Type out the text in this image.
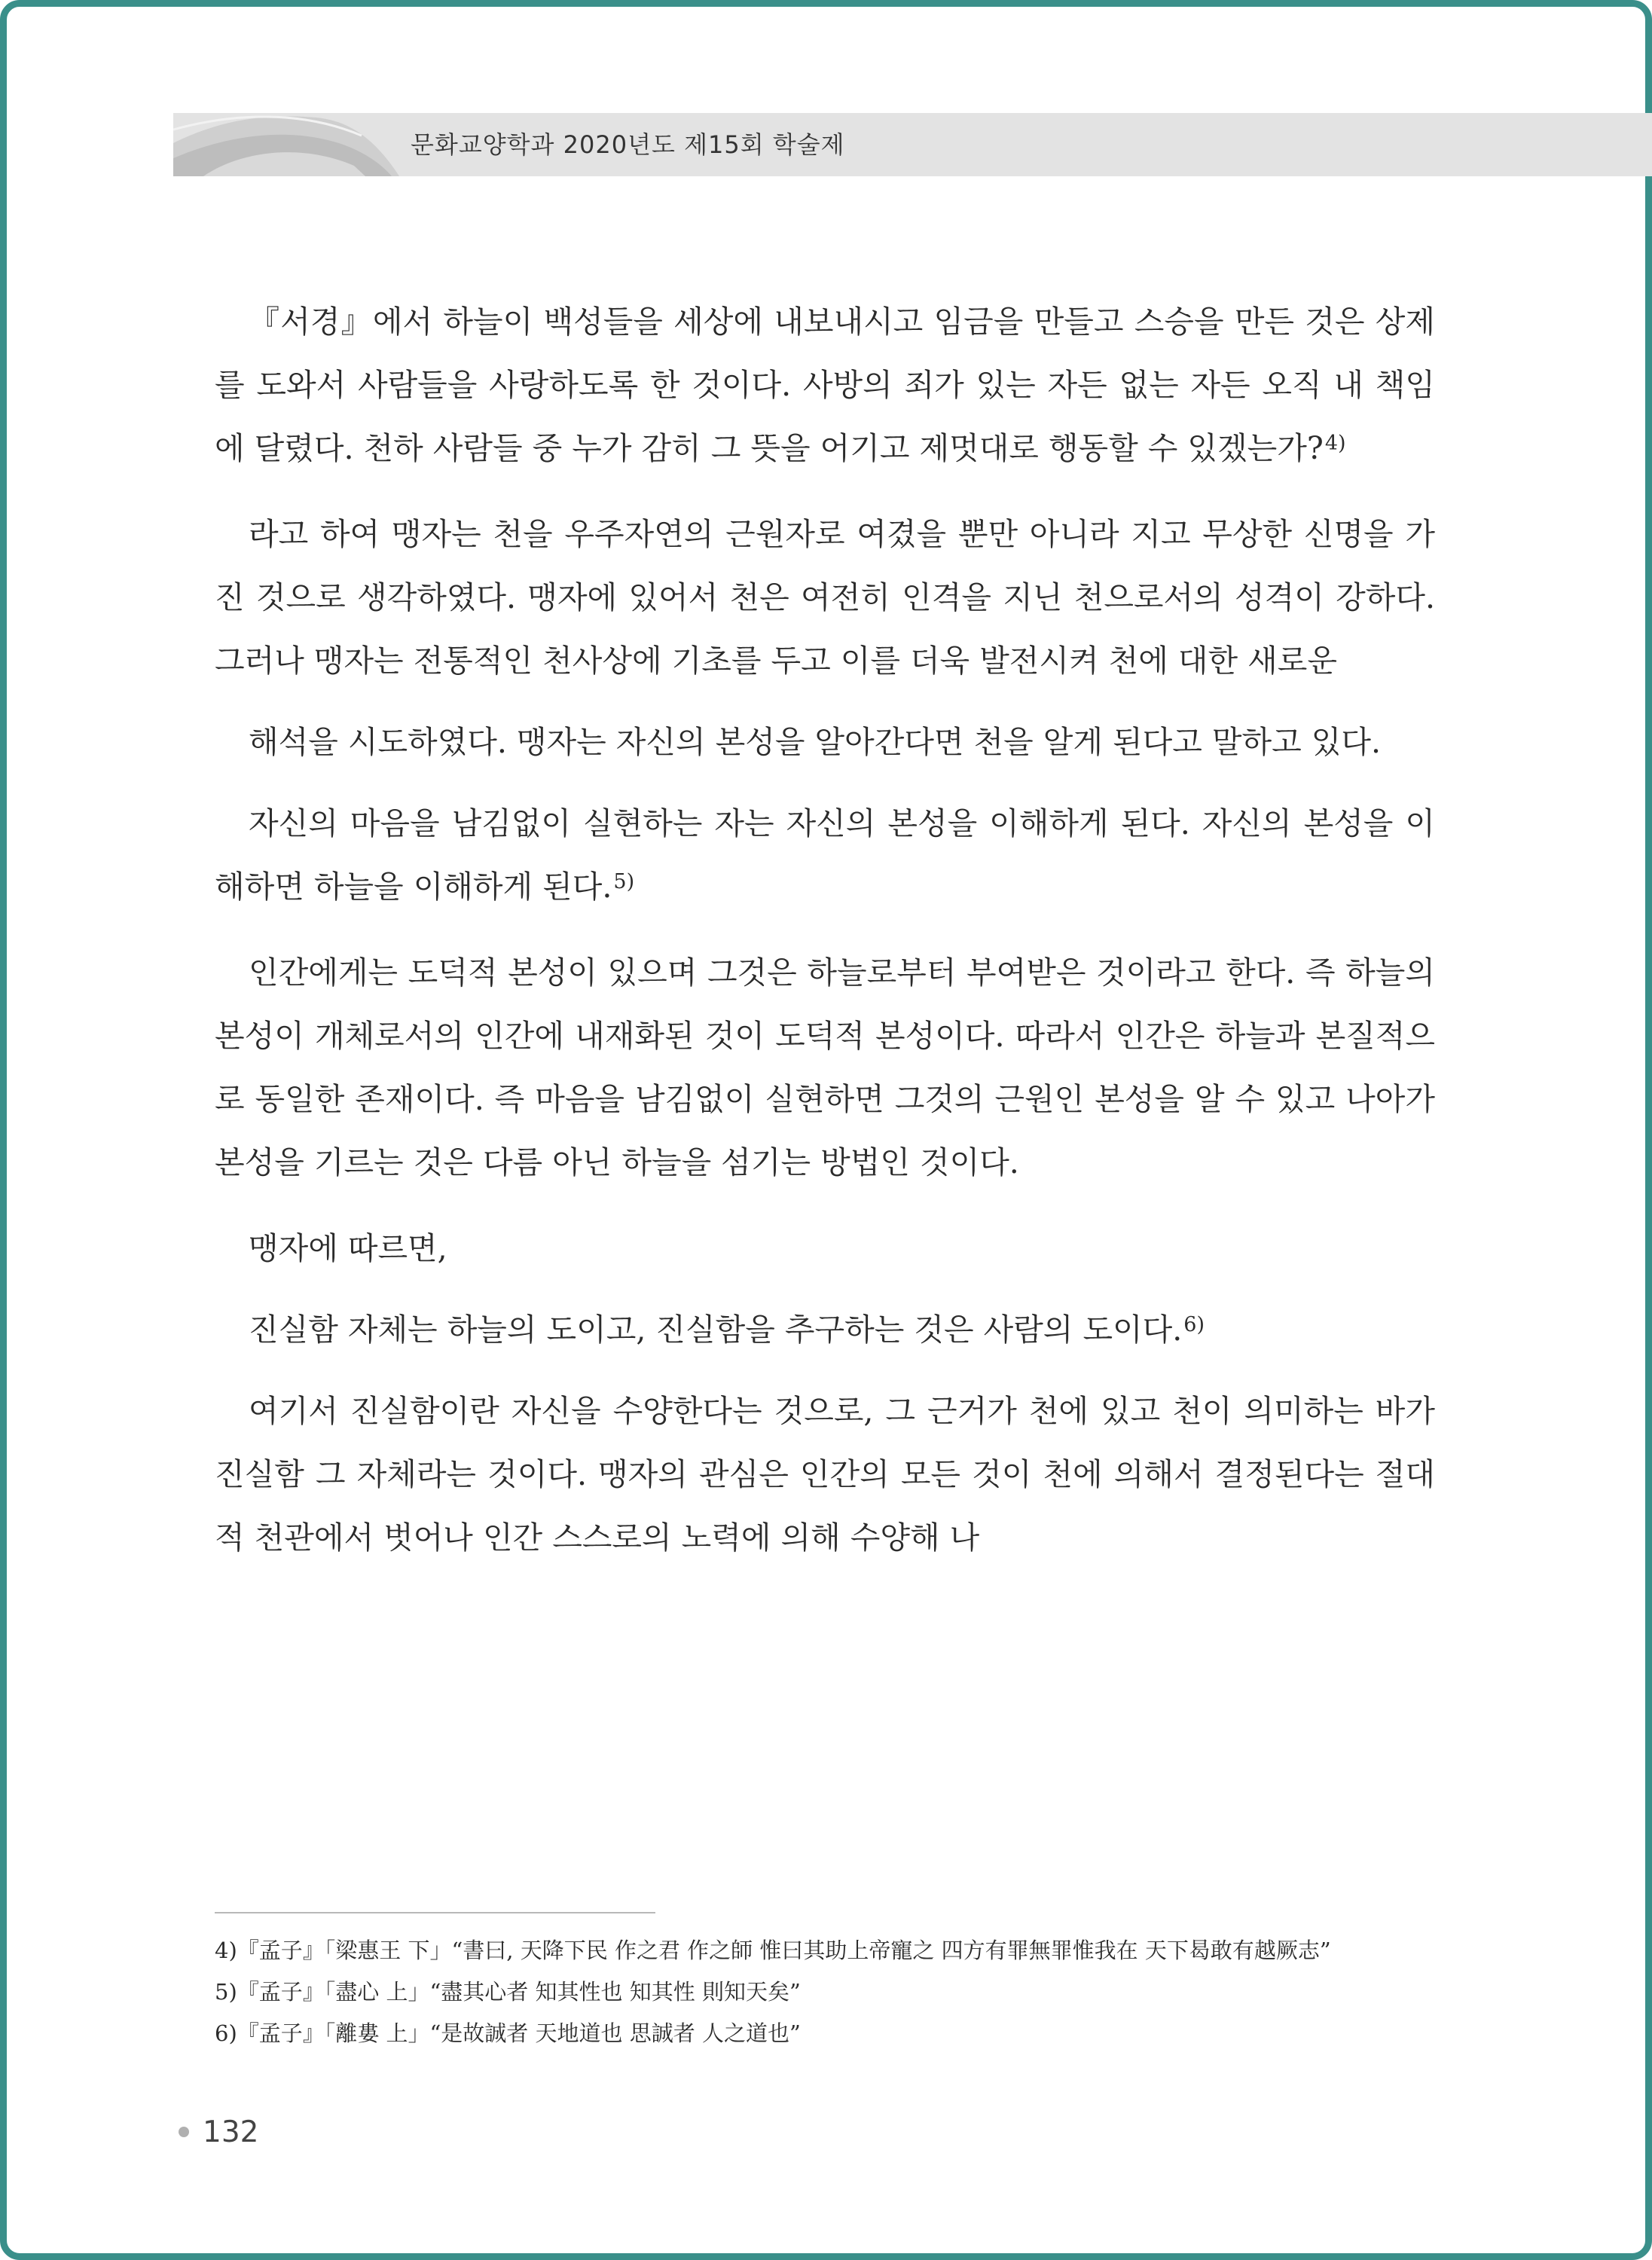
문화교양학과 2020년도 제15회 학술제

『서경』에서 하늘이 백성들을 세상에 내보내시고 임금을 만들고 스승을 만든 것은 상제를 도와서 사람들을 사랑하도록 한 것이다. 사방의 죄가 있는 자든 없는 자든 오직 내 책임에 달렸다. 천하 사람들 중 누가 감히 그 뜻을 어기고 제멋대로 행동할 수 있겠는가?$^{4)}$

라고 하여 맹자는 천을 우주자연의 근원자로 여겼을 뿐만 아니라 지고 무상한 신명을 가진 것으로 생각하였다. 맹자에 있어서 천은 여전히 인격을 지닌 천으로서의 성격이 강하다. 그러나 맹자는 전통적인 천사상에 기초를 두고 이를 더욱 발전시켜 천에 대한 새로운

해석을 시도하였다. 맹자는 자신의 본성을 알아간다면 천을 알게 된다고 말하고 있다.

자신의 마음을 남김없이 실현하는 자는 자신의 본성을 이해하게 된다. 자신의 본성을 이해하면 하늘을 이해하게 된다.$^{5)}$

인간에게는 도덕적 본성이 있으며 그것은 하늘로부터 부여받은 것이라고 한다. 즉 하늘의 본성이 개체로서의 인간에 내재화된 것이 도덕적 본성이다. 따라서 인간은 하늘과 본질적으로 동일한 존재이다. 즉 마음을 남김없이 실현하면 그것의 근원인 본성을 알 수 있고 나아가 본성을 기르는 것은 다름 아닌 하늘을 섬기는 방법인 것이다.

맹자에 따르면,

진실함 자체는 하늘의 도이고, 진실함을 추구하는 것은 사람의 도이다.$^{6)}$

여기서 진실함이란 자신을 수양한다는 것으로, 그 근거가 천에 있고 천이 의미하는 바가 진실함 그 자체라는 것이다. 맹자의 관심은 인간의 모든 것이 천에 의해서 결정된다는 절대적 천관에서 벗어나 인간 스스로의 노력에 의해 수양해 나

4)『孟子』「梁惠王 下」“書曰, 天降下民 作之君 作之師 惟曰其助上帝寵之 四方有罪無罪惟我在 天下曷敢有越厥志”
5)『孟子』「盡心 上」“盡其心者 知其性也 知其性 則知天矣”
6)『孟子』「離婁 上」“是故誠者 天地道也 思誠者 人之道也”
132
